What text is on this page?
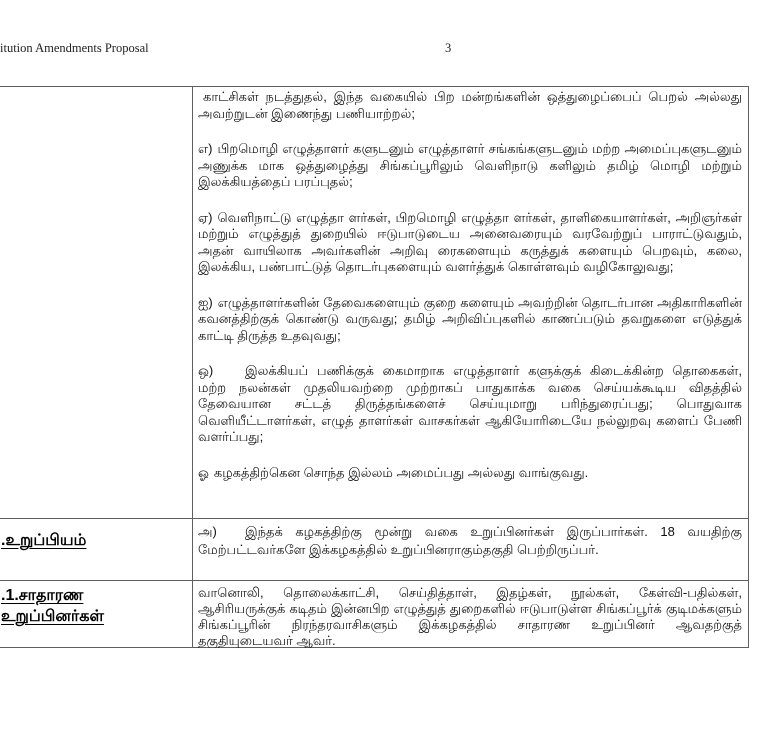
itution Amendments Proposal	3

காட்சிகள் நடத்துதல், இந்த வகையில் பிற மன்றங்களின் ஒத்துழைப்பைப் பெறல் அல்லது அவற்றுடன் இணைந்து பணியாற்றல்;

எ) பிறமொழி எழுத்தாளர் களுடனும் எழுத்தாளர் சங்கங்களுடனும் மற்ற அமைப்புகளுடனும் அணுக்க மாக ஒத்துழைத்து சிங்கப்பூரிலும் வெளிநாடு களிலும் தமிழ் மொழி மற்றும் இலக்கியத்தைப் பரப்புதல்;

ஏ) வெளிநாட்டு எழுத்தா ளர்கள், பிறமொழி எழுத்தா ளர்கள், தாளிகையாளர்கள், அறிஞர்கள் மற்றும் எழுத்துத் துறையில் ஈடுபாடுடைய அனைவரையும் வரவேற்றுப் பாராட்டுவதும், அதன் வாயிலாக அவர்களின் அறிவு ரைகளையும் கருத்துக் களையும் பெறவும், கலை, இலக்கிய, பண்பாட்டுத் தொடர்புகளையும் வளர்த்துக் கொள்ளவும் வழிகோலுவது;

ஐ) எழுத்தாளர்களின் தேவைகளையும் குறை களையும் அவற்றின் தொடர்பான அதிகாரிகளின் கவனத்திற்குக் கொண்டு வருவது; தமிழ் அறிவிப்புகளில் காணப்படும் தவறுகளை எடுத்துக் காட்டி திருத்த உதவுவது;

ஒ) இலக்கியப் பணிக்குக் கைமாறாக எழுத்தாளர் களுக்குக் கிடைக்கின்ற தொகைகள், மற்ற நலன்கள் முதலியவற்றை முற்றாகப் பாதுகாக்க வகை செய்யக்கூடிய விதத்தில் தேவையான சட்டத் திருத்தங்களைச் செய்யுமாறு பரிந்துரைப்பது; பொதுவாக வெளியீட்டாளர்கள், எழுத் தாளர்கள் வாசகர்கள் ஆகியோரிடையே நல்லுறவு களைப் பேணி வளர்ப்பது;

ஓ கழகத்திற்கென சொந்த இல்லம் அமைப்பது அல்லது வாங்குவது.

.உறுப்பியம்

அ) இந்தக் கழகத்திற்கு மூன்று வகை உறுப்பினர்கள் இருப்பார்கள். 18 வயதிற்கு மேற்பட்டவர்களே இக்கழகத்தில் உறுப்பினராகும்தகுதி பெற்றிருப்பர்.

.1.சாதாரண
உறுப்பினர்கள்

வானொலி, தொலைக்காட்சி, செய்தித்தாள், இதழ்கள், நூல்கள், கேள்வி-பதில்கள், ஆசிரியருக்குக் கடிதம் இன்னபிற எழுத்துத் துறைகளில் ஈடுபாடுள்ள சிங்கப்பூர்க் குடிமக்களும் சிங்கப்பூரின் நிரந்தரவாசிகளும் இக்கழகத்தில் சாதாரண உறுப்பினர் ஆவதற்குத் தகுதியுடையவர் ஆவர்.
